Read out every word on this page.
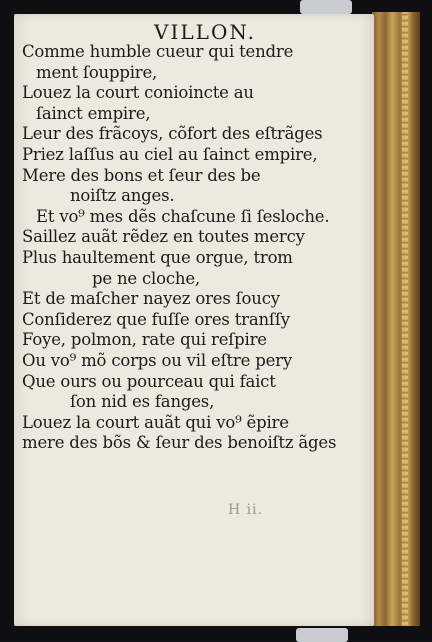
VILLON.
Comme humble cueur qui tendre
ment ſouppire,
Louez la court conioincte au
ſainct empire,
Leur des frãcoys, cõfort des eſtrãges
Priez laſſus au ciel au ſainct empire,
Mere des bons et ſeur des be
noiſtz anges.
Et vo⁹ mes dẽs chaſcune ſi ſesloche.
Saillez auãt rẽdez en toutes mercy
Plus haultement que orgue, trom
pe ne cloche,
Et de maſcher nayez ores ſoucy
Conſiderez que fuſſe ores tranſſy
Foye, polmon, rate qui reſpire
Ou vo⁹ mõ corps ou vil eſtre pery
Que ours ou pourceau qui faict
ſon nid es fanges,
Louez la court auãt qui vo⁹ ẽpire
mere des bõs & ſeur des benoiſtz ãges
H ii.
